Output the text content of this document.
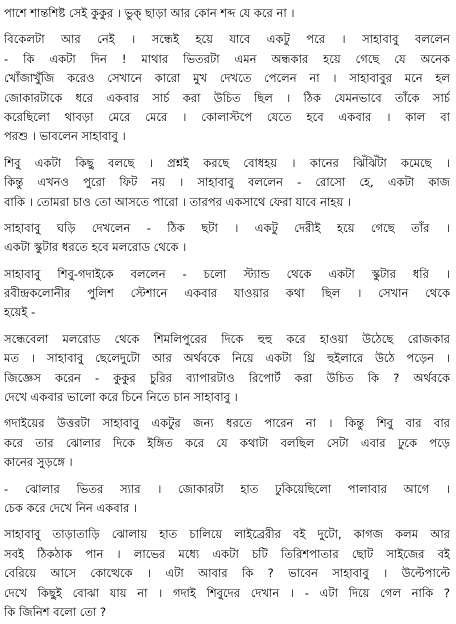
পাশে শান্তশিষ্ট সেই কুকুর । ভুক্‌ ছাড়া আর কোন শব্দ যে করে না ।
বিকেলটা আর নেই । সন্ধেই হয়ে যাবে একটু পরে । সাহাবাবু বললেন
- কি একটা দিন ! মাথার ভিতরটা এমন অন্ধকার হয়ে গেছে যে অনেক
খোঁজাখুঁজি করেও সেখানে কারো মুখ দেখতে পেলেন না । সাহাবাবুর মনে হল
জোকারটাকে ধরে একবার সার্চ করা উচিত ছিল । ঠিক যেমনভাবে তাঁকে সার্চ
করেছিলো থাবড়া মেরে মেরে । কোলাস্টপে যেতে হবে একবার । কাল বা
পরশু । ভাবলেন সাহাবাবু ।
শিবু একটা কিছু বলছে । প্রশ্নই করছে বোধহয় । কানের ঝিঁঝিঁটা কমেছে ।
কিন্তু এখনও পুরো ফিট নয় । সাহাবাবু বললেন - রোসো হে, একটা কাজ
বাকি । তোমরা চাও তো আসতে পারো । তারপর একসাথে ফেরা যাবে নাহয় ।
সাহাবাবু ঘড়ি দেখলেন - ঠিক ছটা । একটু দেরীই হয়ে গেছে তাঁর ।
একটা স্কুটার ধরতে হবে মলরোড থেকে ।
সাহাবাবু শিবু-গদাইকে বললেন - চলো স্ট্যান্ড থেকে একটা স্কুটার ধরি ।
রবীন্দ্রকলোনীর পুলিশ স্টেশানে একবার যাওয়ার কথা ছিল । সেখান থেকে
হয়েই -
সন্ধেবেলা মলরোড থেকে শিমলিপুরের দিকে হুহু করে হাওয়া উঠেছে রোজকার
মত । সাহাবাবু ছেলেদুটো আর অর্থবকে নিয়ে একটা থ্রি হুইলারে উঠে পড়েন ।
জিজ্ঞেস করেন - কুকুর চুরির ব্যাপারটাও রিপোর্ট করা উচিত কি ? অর্থবকে
দেখে একবার ভালো করে চিনে নিতে চান সাহাবাবু ।
গদাইয়ের উত্তরটা সাহাবাবু একটুর জন্য ধরতে পারেন না । কিন্তু শিবু বার বার
করে তার ঝোলার দিকে ইঙ্গিত করে যে কথাটা বলছিল সেটা এবার ঢুকে পড়ে
কানের সুড়ঙ্গে ।
- ঝোলার ভিতর স্যার । জোকারটা হাত ঢুকিয়েছিলো পালাবার আগে ।
চেক করে দেখে নিন একবার ।
সাহাবাবু তাড়াতাড়ি ঝোলায় হাত চালিয়ে লাইব্রেরীর বই দুটো, কাগজ কলম আর
সবই ঠিকঠাক পান । লাভের মধ্যে একটা চটি তিরিশপাতার ছোট সাইজের বই
বেরিয়ে আসে কোত্থেকে । এটা আবার কি ? ভাবেন সাহাবাবু । উল্টেপাল্টে
দেখে কিছুই বোঝা যায় না । গদাই শিবুদের দেখান । - এটা দিয়ে গেল নাকি ?
কি জিনিশ বলো তো ?
